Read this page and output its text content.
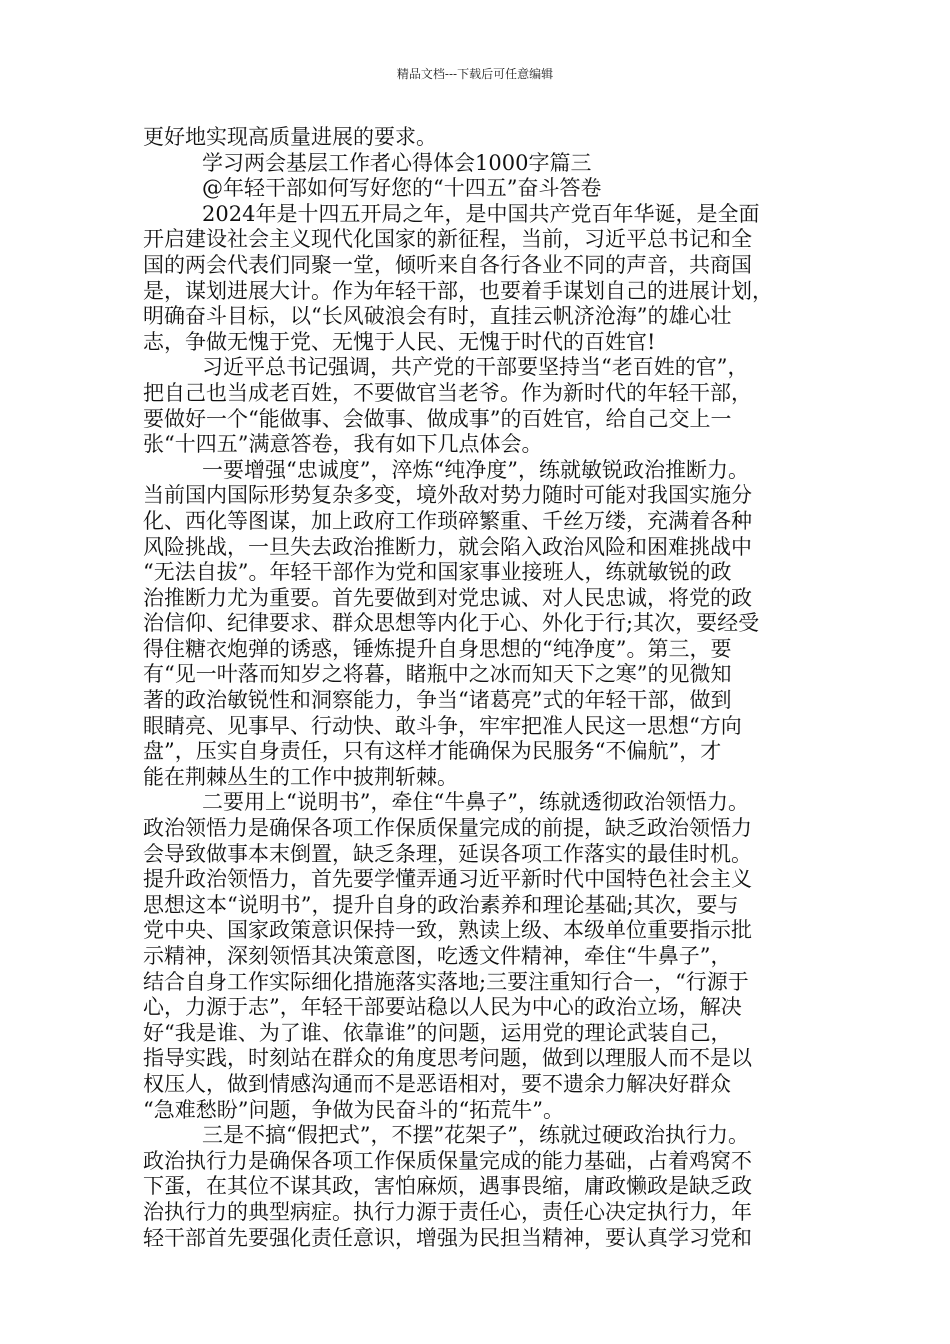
精品文档---下载后可任意编辑

更好地实现高质量进展的要求。

学习两会基层工作者心得体会1000字篇三

@年轻干部如何写好您的“十四五”奋斗答卷

2024年是十四五开局之年，是中国共产党百年华诞，是全面

开启建设社会主义现代化国家的新征程，当前，习近平总书记和全

国的两会代表们同聚一堂，倾听来自各行各业不同的声音，共商国

是，谋划进展大计。作为年轻干部，也要着手谋划自己的进展计划，

明确奋斗目标，以“长风破浪会有时，直挂云帆济沧海”的雄心壮

志，争做无愧于党、无愧于人民、无愧于时代的百姓官!

习近平总书记强调，共产党的干部要坚持当“老百姓的官”，

把自己也当成老百姓，不要做官当老爷。作为新时代的年轻干部，

要做好一个“能做事、会做事、做成事”的百姓官，给自己交上一

张“十四五”满意答卷，我有如下几点体会。

一要增强“忠诚度”，淬炼“纯净度”，练就敏锐政治推断力。

当前国内国际形势复杂多变，境外敌对势力随时可能对我国实施分

化、西化等图谋，加上政府工作琐碎繁重、千丝万缕，充满着各种

风险挑战，一旦失去政治推断力，就会陷入政治风险和困难挑战中

“无法自拔”。年轻干部作为党和国家事业接班人，练就敏锐的政

治推断力尤为重要。首先要做到对党忠诚、对人民忠诚，将党的政

治信仰、纪律要求、群众思想等内化于心、外化于行;其次，要经受

得住糖衣炮弹的诱惑，锤炼提升自身思想的“纯净度”。第三，要

有“见一叶落而知岁之将暮，睹瓶中之冰而知天下之寒”的见微知

著的政治敏锐性和洞察能力，争当“诸葛亮”式的年轻干部，做到

眼睛亮、见事早、行动快、敢斗争，牢牢把准人民这一思想“方向

盘”，压实自身责任，只有这样才能确保为民服务“不偏航”，才

能在荆棘丛生的工作中披荆斩棘。

二要用上“说明书”，牵住“牛鼻子”，练就透彻政治领悟力。

政治领悟力是确保各项工作保质保量完成的前提，缺乏政治领悟力

会导致做事本末倒置，缺乏条理，延误各项工作落实的最佳时机。

提升政治领悟力，首先要学懂弄通习近平新时代中国特色社会主义

思想这本“说明书”，提升自身的政治素养和理论基础;其次，要与

党中央、国家政策意识保持一致，熟读上级、本级单位重要指示批

示精神，深刻领悟其决策意图，吃透文件精神，牵住“牛鼻子”，

结合自身工作实际细化措施落实落地;三要注重知行合一，“行源于

心，力源于志”，年轻干部要站稳以人民为中心的政治立场，解决

好“我是谁、为了谁、依靠谁”的问题，运用党的理论武装自己，

指导实践，时刻站在群众的角度思考问题，做到以理服人而不是以

权压人，做到情感沟通而不是恶语相对，要不遗余力解决好群众

“急难愁盼”问题，争做为民奋斗的“拓荒牛”。

三是不搞“假把式”，不摆”花架子”，练就过硬政治执行力。

政治执行力是确保各项工作保质保量完成的能力基础，占着鸡窝不

下蛋，在其位不谋其政，害怕麻烦，遇事畏缩，庸政懒政是缺乏政

治执行力的典型病症。执行力源于责任心，责任心决定执行力，年

轻干部首先要强化责任意识，增强为民担当精神，要认真学习党和
